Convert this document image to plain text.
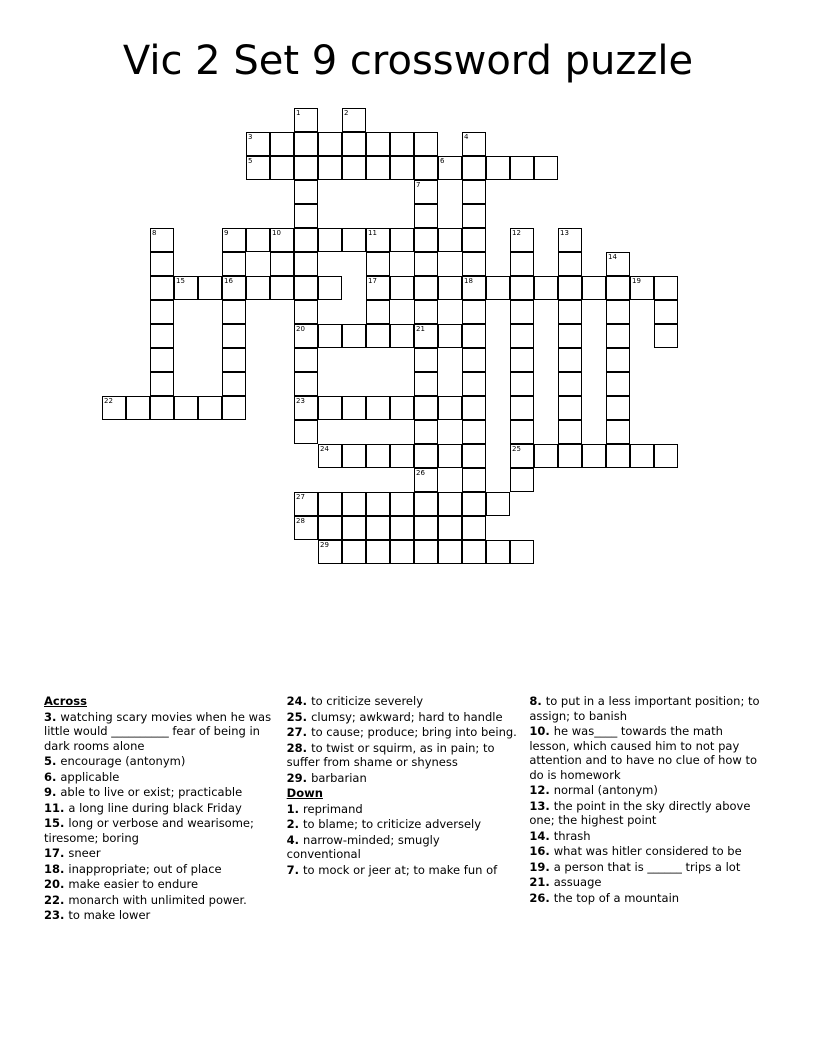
Vic 2 Set 9 crossword puzzle
1	2
3	4
5	6
7
8	9	10	11	12	13
14
15	16	17	18	19
20	21
22	23
24	25
26
27
28
29
Across
3. watching scary movies when he was little would __________ fear of being in dark rooms alone
5. encourage (antonym)
6. applicable
9. able to live or exist; practicable
11. a long line during black Friday
15. long or verbose and wearisome; tiresome; boring
17. sneer
18. inappropriate; out of place
20. make easier to endure
22. monarch with unlimited power.
23. to make lower
24. to criticize severely
25. clumsy; awkward; hard to handle
27. to cause; produce; bring into being.
28. to twist or squirm, as in pain; to suffer from shame or shyness
29. barbarian
Down
1. reprimand
2. to blame; to criticize adversely
4. narrow-minded; smugly conventional
7. to mock or jeer at; to make fun of
8. to put in a less important position; to assign; to banish
10. he was____ towards the math lesson, which caused him to not pay attention and to have no clue of how to do is homework
12. normal (antonym)
13. the point in the sky directly above one; the highest point
14. thrash
16. what was hitler considered to be
19. a person that is ______ trips a lot
21. assuage
26. the top of a mountain
